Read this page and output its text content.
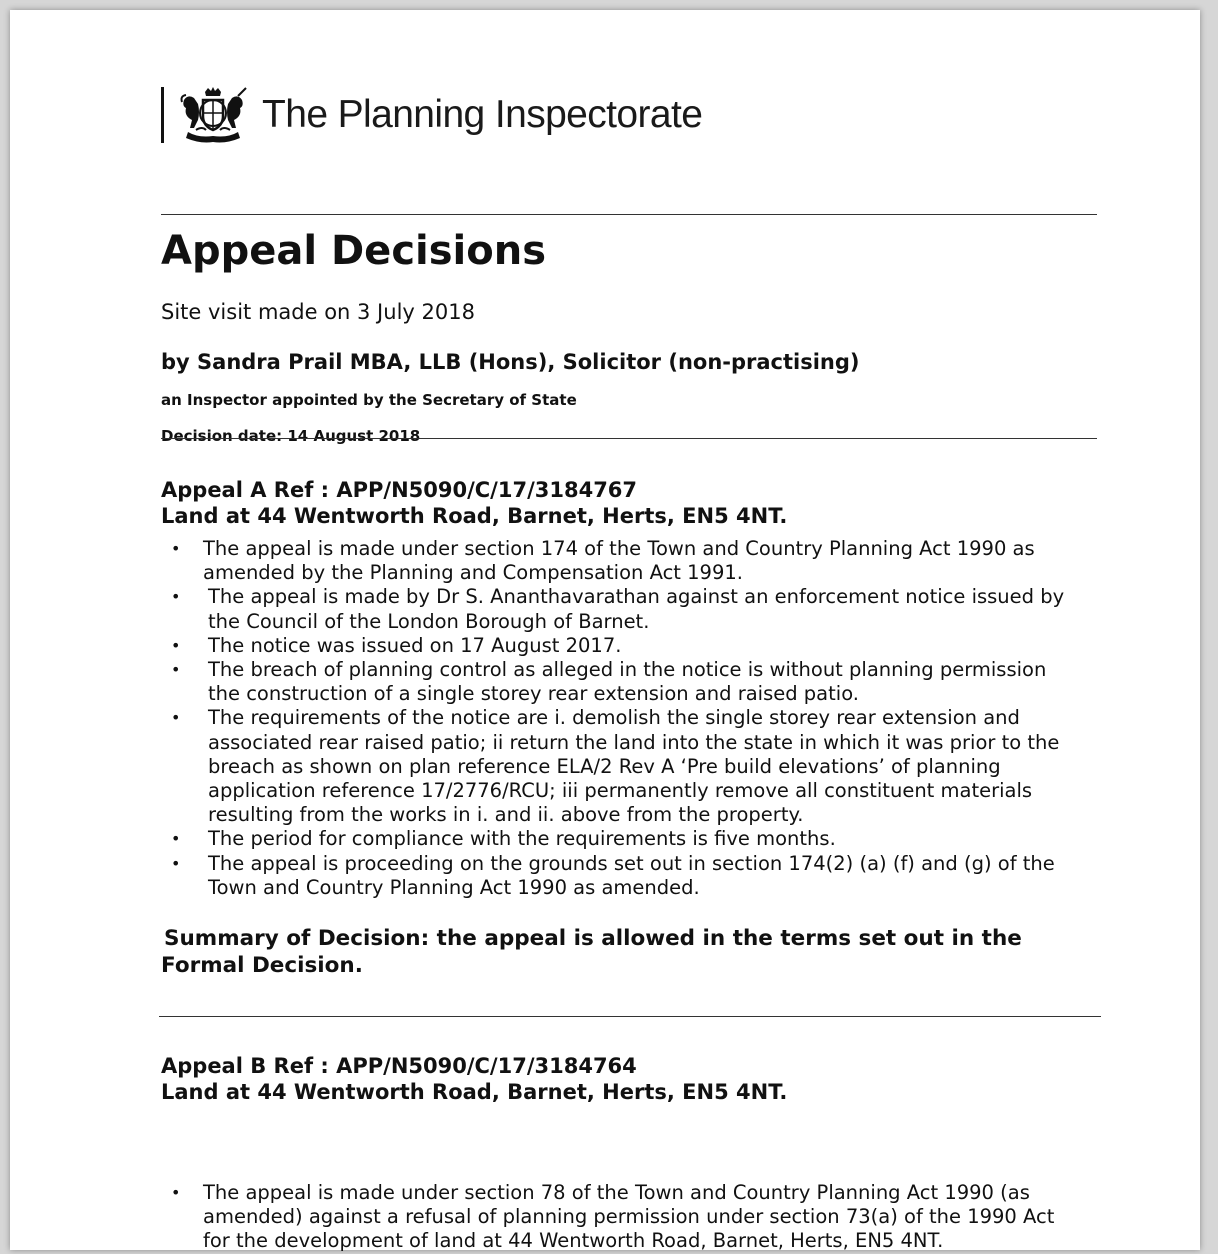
The Planning Inspectorate
Appeal Decisions
Site visit made on 3 July 2018
by Sandra Prail MBA, LLB (Hons), Solicitor (non-practising)
an Inspector appointed by the Secretary of State
Decision date: 14 August 2018
Appeal A Ref : APP/N5090/C/17/3184767
Land at 44 Wentworth Road, Barnet, Herts, EN5 4NT.
• The appeal is made under section 174 of the Town and Country Planning Act 1990 as
amended by the Planning and Compensation Act 1991.
• The appeal is made by Dr S. Ananthavarathan against an enforcement notice issued by
the Council of the London Borough of Barnet.
• The notice was issued on 17 August 2017.
• The breach of planning control as alleged in the notice is without planning permission
the construction of a single storey rear extension and raised patio.
• The requirements of the notice are i. demolish the single storey rear extension and
associated rear raised patio; ii return the land into the state in which it was prior to the
breach as shown on plan reference ELA/2 Rev A ‘Pre build elevations’ of planning
application reference 17/2776/RCU; iii permanently remove all constituent materials
resulting from the works in i. and ii. above from the property.
• The period for compliance with the requirements is five months.
• The appeal is proceeding on the grounds set out in section 174(2) (a) (f) and (g) of the
Town and Country Planning Act 1990 as amended.
Summary of Decision: the appeal is allowed in the terms set out in the
Formal Decision.
Appeal B Ref : APP/N5090/C/17/3184764
Land at 44 Wentworth Road, Barnet, Herts, EN5 4NT.
• The appeal is made under section 78 of the Town and Country Planning Act 1990 (as
amended) against a refusal of planning permission under section 73(a) of the 1990 Act
for the development of land at 44 Wentworth Road, Barnet, Herts, EN5 4NT.
